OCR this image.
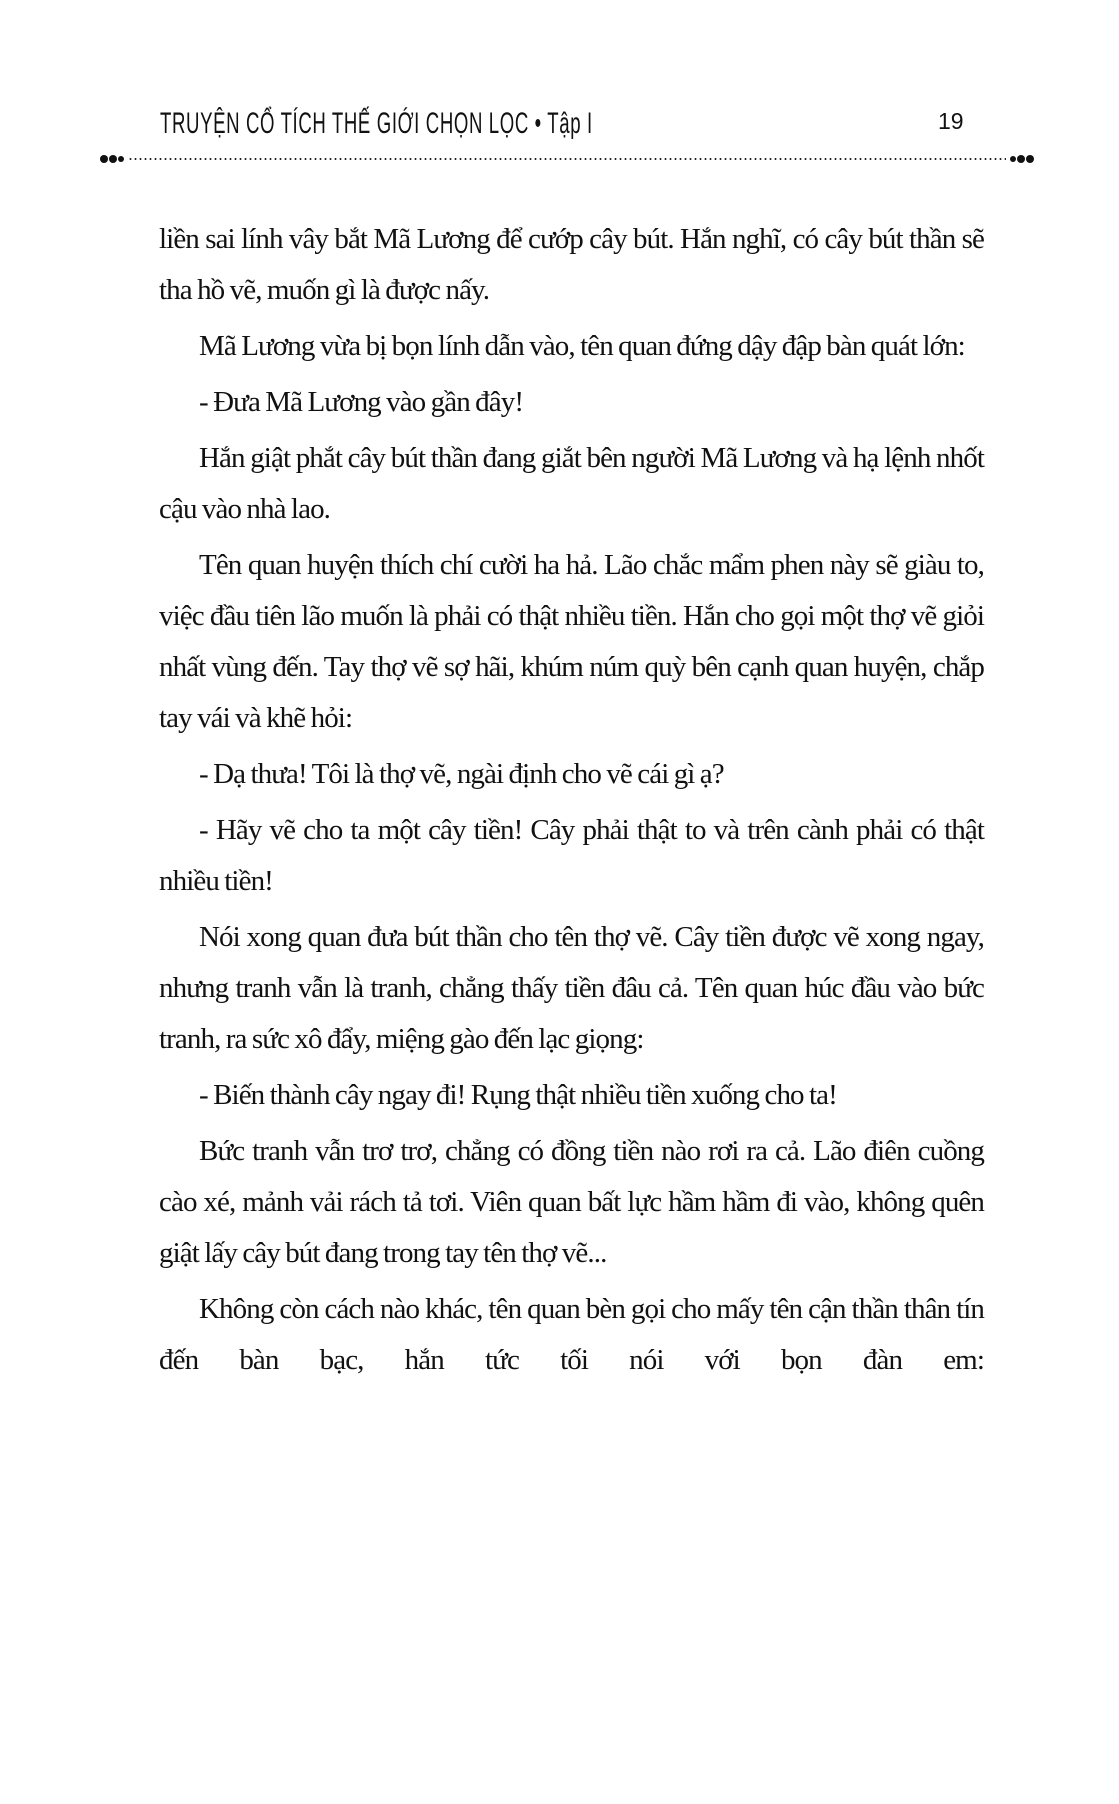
TRUYỆN CỔ TÍCH THẾ GIỚI CHỌN LỌC • Tập I	19

liền sai lính vây bắt Mã Lương để cướp cây bút. Hắn nghĩ, có cây bút thần sẽ tha hồ vẽ, muốn gì là được nấy.

Mã Lương vừa bị bọn lính dẫn vào, tên quan đứng dậy đập bàn quát lớn:

- Đưa Mã Lương vào gần đây!

Hắn giật phắt cây bút thần đang giắt bên người Mã Lương và hạ lệnh nhốt cậu vào nhà lao.

Tên quan huyện thích chí cười ha hả. Lão chắc mẩm phen này sẽ giàu to, việc đầu tiên lão muốn là phải có thật nhiều tiền. Hắn cho gọi một thợ vẽ giỏi nhất vùng đến. Tay thợ vẽ sợ hãi, khúm núm quỳ bên cạnh quan huyện, chắp tay vái và khẽ hỏi:

- Dạ thưa! Tôi là thợ vẽ, ngài định cho vẽ cái gì ạ?

- Hãy vẽ cho ta một cây tiền! Cây phải thật to và trên cành phải có thật nhiều tiền!

Nói xong quan đưa bút thần cho tên thợ vẽ. Cây tiền được vẽ xong ngay, nhưng tranh vẫn là tranh, chẳng thấy tiền đâu cả. Tên quan húc đầu vào bức tranh, ra sức xô đẩy, miệng gào đến lạc giọng:

- Biến thành cây ngay đi! Rụng thật nhiều tiền xuống cho ta!

Bức tranh vẫn trơ trơ, chẳng có đồng tiền nào rơi ra cả. Lão điên cuồng cào xé, mảnh vải rách tả tơi. Viên quan bất lực hầm hầm đi vào, không quên giật lấy cây bút đang trong tay tên thợ vẽ...

Không còn cách nào khác, tên quan bèn gọi cho mấy tên cận thần thân tín đến bàn bạc, hắn tức tối nói với bọn đàn em:
